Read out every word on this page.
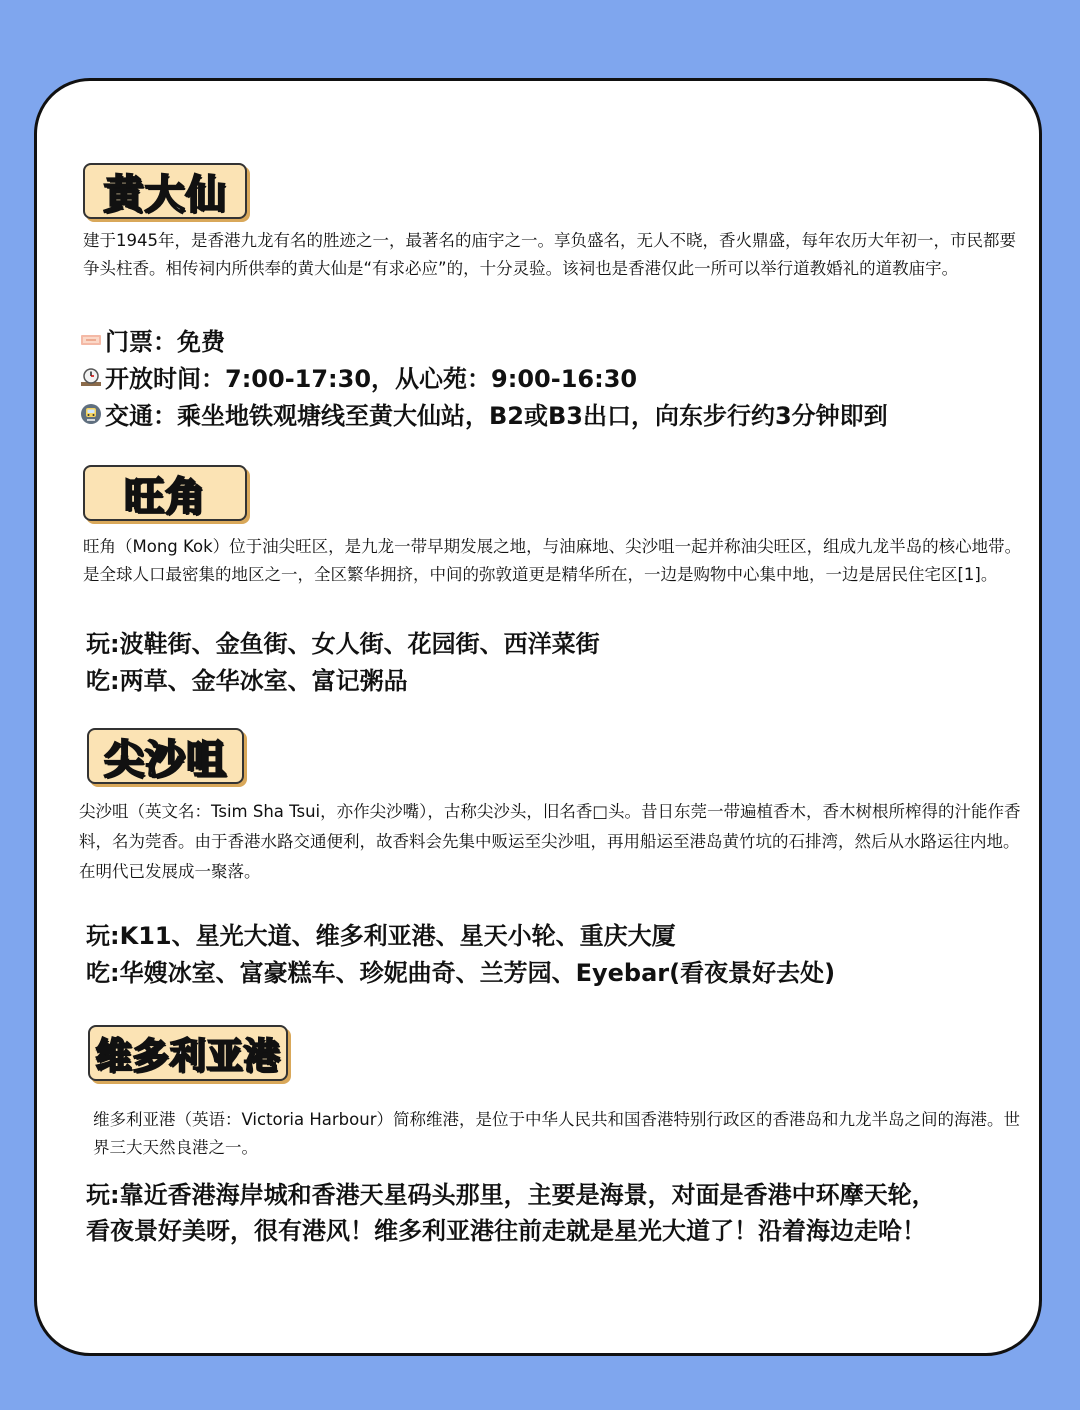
黄大仙

建于1945年，是香港九龙有名的胜迹之一，最著名的庙宇之一。享负盛名，无人不晓，香火鼎盛，每年农历大年初一，市民都要争头柱香。相传祠内所供奉的黄大仙是“有求必应”的，十分灵验。该祠也是香港仅此一所可以举行道教婚礼的道教庙宇。

门票：免费
开放时间：7:00-17:30，从心苑：9:00-16:30
交通：乘坐地铁观塘线至黄大仙站，B2或B3出口，向东步行约3分钟即到
旺角

旺角（Mong Kok）位于油尖旺区，是九龙一带早期发展之地，与油麻地、尖沙咀一起并称油尖旺区，组成九龙半岛的核心地带。是全球人口最密集的地区之一，全区繁华拥挤，中间的弥敦道更是精华所在，一边是购物中心集中地，一边是居民住宅区[1]。

玩:波鞋街、金鱼街、女人街、花园街、西洋菜街
吃:两草、金华冰室、富记粥品
尖沙咀

尖沙咀（英文名：Tsim Sha Tsui，亦作尖沙嘴），古称尖沙头，旧名香□头。昔日东莞一带遍植香木，香木树根所榨得的汁能作香料，名为莞香。由于香港水路交通便利，故香料会先集中贩运至尖沙咀，再用船运至港岛黄竹坑的石排湾，然后从水路运往内地。在明代已发展成一聚落。

玩:K11、星光大道、维多利亚港、星天小轮、重庆大厦
吃:华嫂冰室、富豪糕车、珍妮曲奇、兰芳园、Eyebar(看夜景好去处)
维多利亚港

维多利亚港（英语：Victoria Harbour）简称维港，是位于中华人民共和国香港特别行政区的香港岛和九龙半岛之间的海港。世界三大天然良港之一。

玩:靠近香港海岸城和香港天星码头那里，主要是海景，对面是香港中环摩天轮，
看夜景好美呀，很有港风！维多利亚港往前走就是星光大道了！沿着海边走哈！
